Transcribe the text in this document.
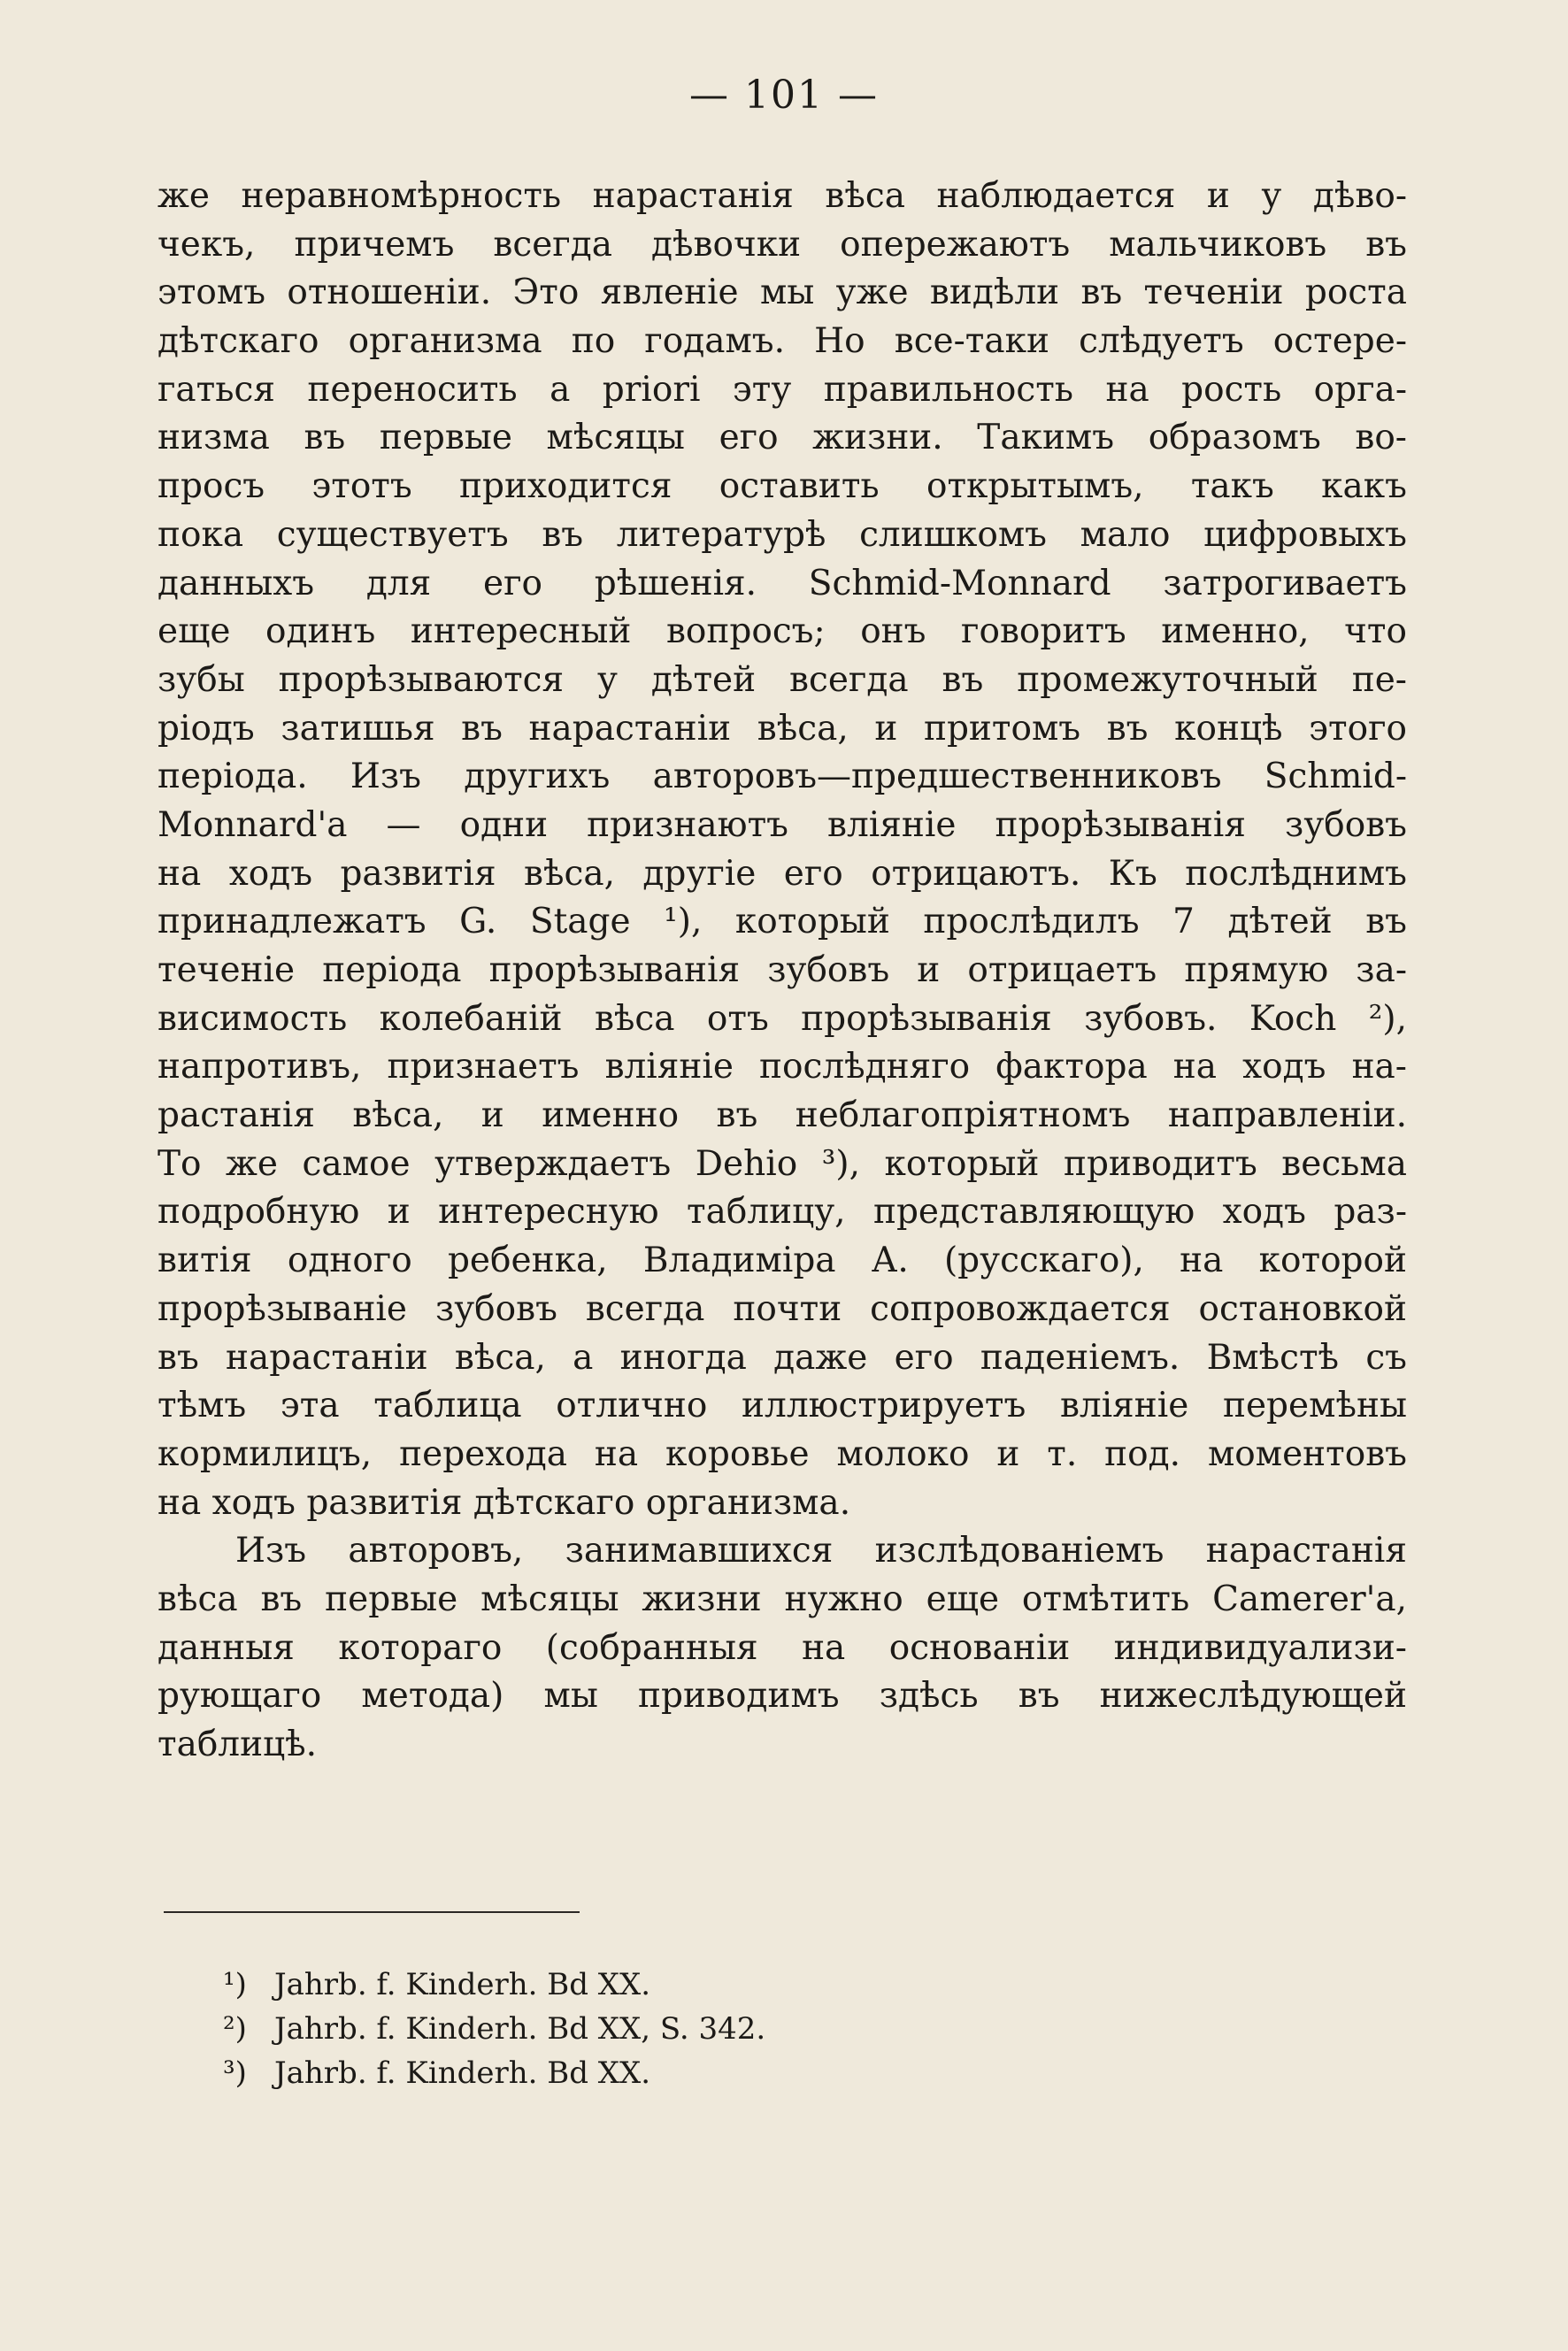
— 101 —
же неравномѣрность нарастанія вѣса наблюдается и у дѣво-
чекъ, причемъ всегда дѣвочки опережаютъ мальчиковъ въ
этомъ отношеніи. Это явленіе мы уже видѣли въ теченіи роста
дѣтскаго организма по годамъ. Но все-таки слѣдуетъ остере-
гаться переносить a priori эту правильность на рость орга-
низма въ первые мѣсяцы его жизни. Такимъ образомъ во-
просъ этотъ приходится оставить открытымъ, такъ какъ
пока существуетъ въ литературѣ слишкомъ мало цифровыхъ
данныхъ для его рѣшенія. Schmid-Monnard затрогиваетъ
еще одинъ интересный вопросъ; онъ говоритъ именно, что
зубы прорѣзываются у дѣтей всегда въ промежуточный пе-
ріодъ затишья въ нарастаніи вѣса, и притомъ въ концѣ этого
періода. Изъ другихъ авторовъ—предшественниковъ Schmid-
Monnard'а — одни признаютъ вліяніе прорѣзыванія зубовъ
на ходъ развитія вѣса, другіе его отрицаютъ. Къ послѣднимъ
принадлежатъ G. Stage ¹), который прослѣдилъ 7 дѣтей въ
теченіе періода прорѣзыванія зубовъ и отрицаетъ прямую за-
висимость колебаній вѣса отъ прорѣзыванія зубовъ. Koch ²),
напротивъ, признаетъ вліяніе послѣдняго фактора на ходъ на-
растанія вѣса, и именно въ неблагопріятномъ направленіи.
То же самое утверждаетъ Dehio ³), который приводитъ весьма
подробную и интересную таблицу, представляющую ходъ раз-
витія одного ребенка, Владиміра А. (русскаго), на которой
прорѣзываніе зубовъ всегда почти сопровождается остановкой
въ нарастаніи вѣса, а иногда даже его паденіемъ. Вмѣстѣ съ
тѣмъ эта таблица отлично иллюстрируетъ вліяніе перемѣны
кормилицъ, перехода на коровье молоко и т. под. моментовъ
на ходъ развитія дѣтскаго организма.
Изъ авторовъ, занимавшихся изслѣдованіемъ нарастанія
вѣса въ первые мѣсяцы жизни нужно еще отмѣтить Camerer'а,
данныя котораго (собранныя на основаніи индивидуализи-
рующаго метода) мы приводимъ здѣсь въ нижеслѣдующей
таблицѣ.
¹) Jahrb. f. Kinderh. Bd XX.
²) Jahrb. f. Kinderh. Bd XX, S. 342.
³) Jahrb. f. Kinderh. Bd XX.
